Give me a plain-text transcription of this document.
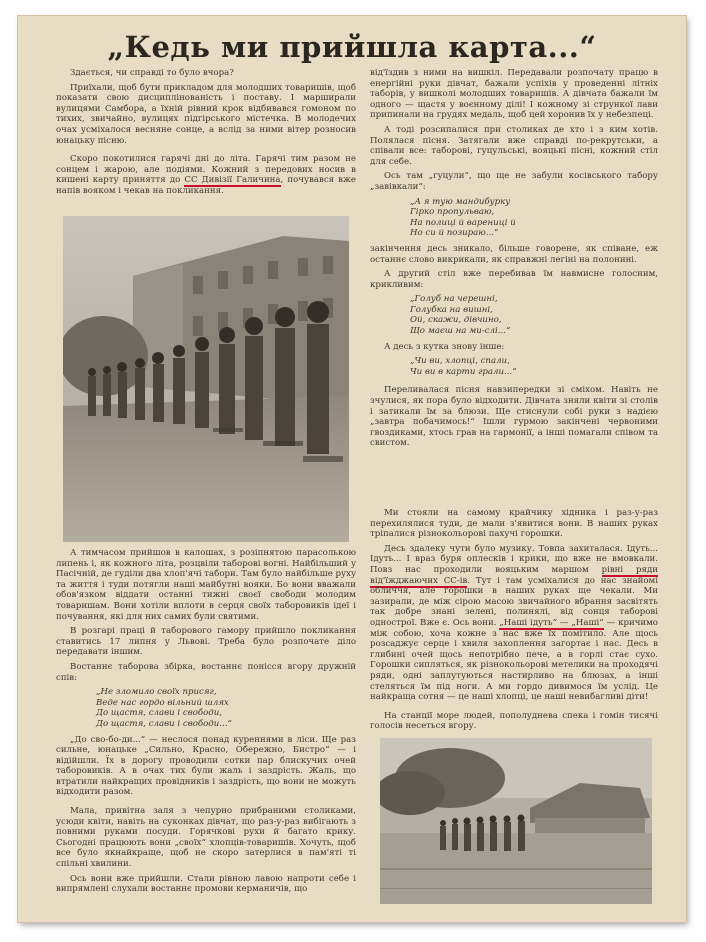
„Кедь ми прийшла карта...“

Здається, чи справді то було вчора?

Приїхали, щоб бути прикладом для молодших товаришів, щоб показати свою дисциплінованість і поставу. І марширали вулицями Самбора, а їхній рівний крок відбивався гомоном по тихих, звичайно, вулицях підгірського містечка. В молодечих очах усміхалося весняне сонце, а вслід за ними вітер розносив юнацьку пісню.

Скоро покотилися гарячі дні до літа. Гарячі тим разом не сонцем і жарою, але подіями. Кожний з передових носив в кишені карту приняття до СС Дивізії Галичина, почувався вже напів вояком і чекав на покликання.

А тимчасом прийшов в калошах, з розіпнятою парасолькою липень і, як кожного літа, розцвіли таборові вогні. Найбільший у Пасічній, де гуділи два хлоп'ячі табори. Там було найбільше руху та життя і туди потягли наші майбутні вояки. Бо вони вважали обов'язком віддати останні тижні своєї свободи молодим товаришам. Вони хотіли вплоти в серця своїх таборовиків ідеї і почування, які для них самих були святими.

В розгарі праці й таборового гамору прийшло покликання ставитись 17 липня у Львові. Треба було розпочате діло передавати іншим.

Востаннє таборова збірка, востаннє понісся вгору дружній спів:

„Не зломило своїх присяг,
Веде нас гордо вільний шлях
До щастя, слави і свободи,
До щастя, слави і свободи...“

„До сво-бо-ди...“ — неслося понад куреннями в ліси. Ще раз сильне, юнацьке „Сильно, Красно, Обережно, Бистро“ — і відійшли. Їх в дорогу проводили сотки пар блискучих очей таборовиків. А в очах тих були жаль і заздрість. Жаль, що втратили найкращих провідників і заздрість, що вони не можуть відходити разом.

Мала, привітна заля з чепурно прибраними столиками, усюди квіти, навіть на суконках дівчат, що раз-у-раз вибігають з повними руками посуди. Горячкові рухи й багато крику. Сьогодні працюють вони „своїх“ хлопців-товаришів. Хочуть, щоб все було якнайкраще, щоб не скоро затерлися в пам'яті ті спільні хвилини.

Ось вони вже прийшли. Стали рівною лавою напроти себе і випрямлені слухали востаннє промови керманичів, що

від'їздив з ними на вишкіл. Передавали розпочату працю в енергійні руки дівчат, бажали успіхів у проведенні літніх таборів, у вишколі молодших товаришів. А дівчата бажали їм одного — щастя у воєнному ділі! І кожному зі стрункої лави припинали на грудях медаль, щоб цей хоронив їх у небезпеці.

А тоді розсипалися при столиках де хто і з ким хотів. Полялася пісня. Затягали вже справді по-рекрутськи, а співали все: таборові, гуцульські, вояцькі пісні, кожний стіл для себе.

Ось там „гуцули“, що ще не забули косівського табору „завівкали“:

„А я тую мандибурку
Гірко пропульваю,
На полиці й варениці й
Но си й позираю...“

закінчення десь зникало, більше говорене, як співане, еж останнє слово викрикали, як справжні легіні на полонині.

А другий стіл вже перебивав їм навмисне голосним, крикливим:

„Голуб на черешні,
Голубка на вишні,
Ой, скажи, дівчино,
Що маєш на ми-слі...“

А десь з кутка знову інше:

„Чи ви, хлопці, спали,
Чи ви в карти грали...“

Переливалася пісня навзипередки зі сміхом. Навіть не зчулися, як пора було відходити. Дівчата зняли квіти зі столів і затикали їм за блюзи. Ще стиснули собі руки з надією „завтра побачимось!“ Ішли гурмою закінчені червоними гвоздиками, хтось грав на гармонії, а інші помагали співом та свистом.

Ми стояли на самому крайчику хідника і раз-у-раз перехилялися туди, де мали з'явитися вони. В наших руках тріпалися різнокольорові пахучі горошки.

Десь здалеку чути було музику. Товпа захиталася. Ідуть... Ідуть... І враз буря оплесків і крики, що вже не вмовкали. Повз нас проходили вояцьким маршом рівні ряди від'їжджаючих СС-ів. Тут і там усміхалися до нас знайомі обличчя, але горошки в наших руках ще чекали. Ми зазирали, де між сірою масою звичайного вбрання засвітять так добре знані зелені, полинялі, від сонця таборові однострої. Вже є. Ось вони. „Наші ідуть“ — „Наші“ — кричимо між собою, хоча кожне з нас вже їх помітило. Але щось розсаджує серце і хвиля захоплення загортає і нас. Десь в глибині очей щось непотрібно пече, а в горлі стає сухо. Горошки сипляться, як різнокольорові метелики на проходячі ряди, одні заплутуються настирливо на блюзах, а інші стеляться їм під ноги. А ми гордо дивимося їм услід. Це найкраща сотня — це наші хлопці, це наші невибагливі діти!

На станції море людей, пополуднева спека і гомін тисячі голосів несеться вгору.
